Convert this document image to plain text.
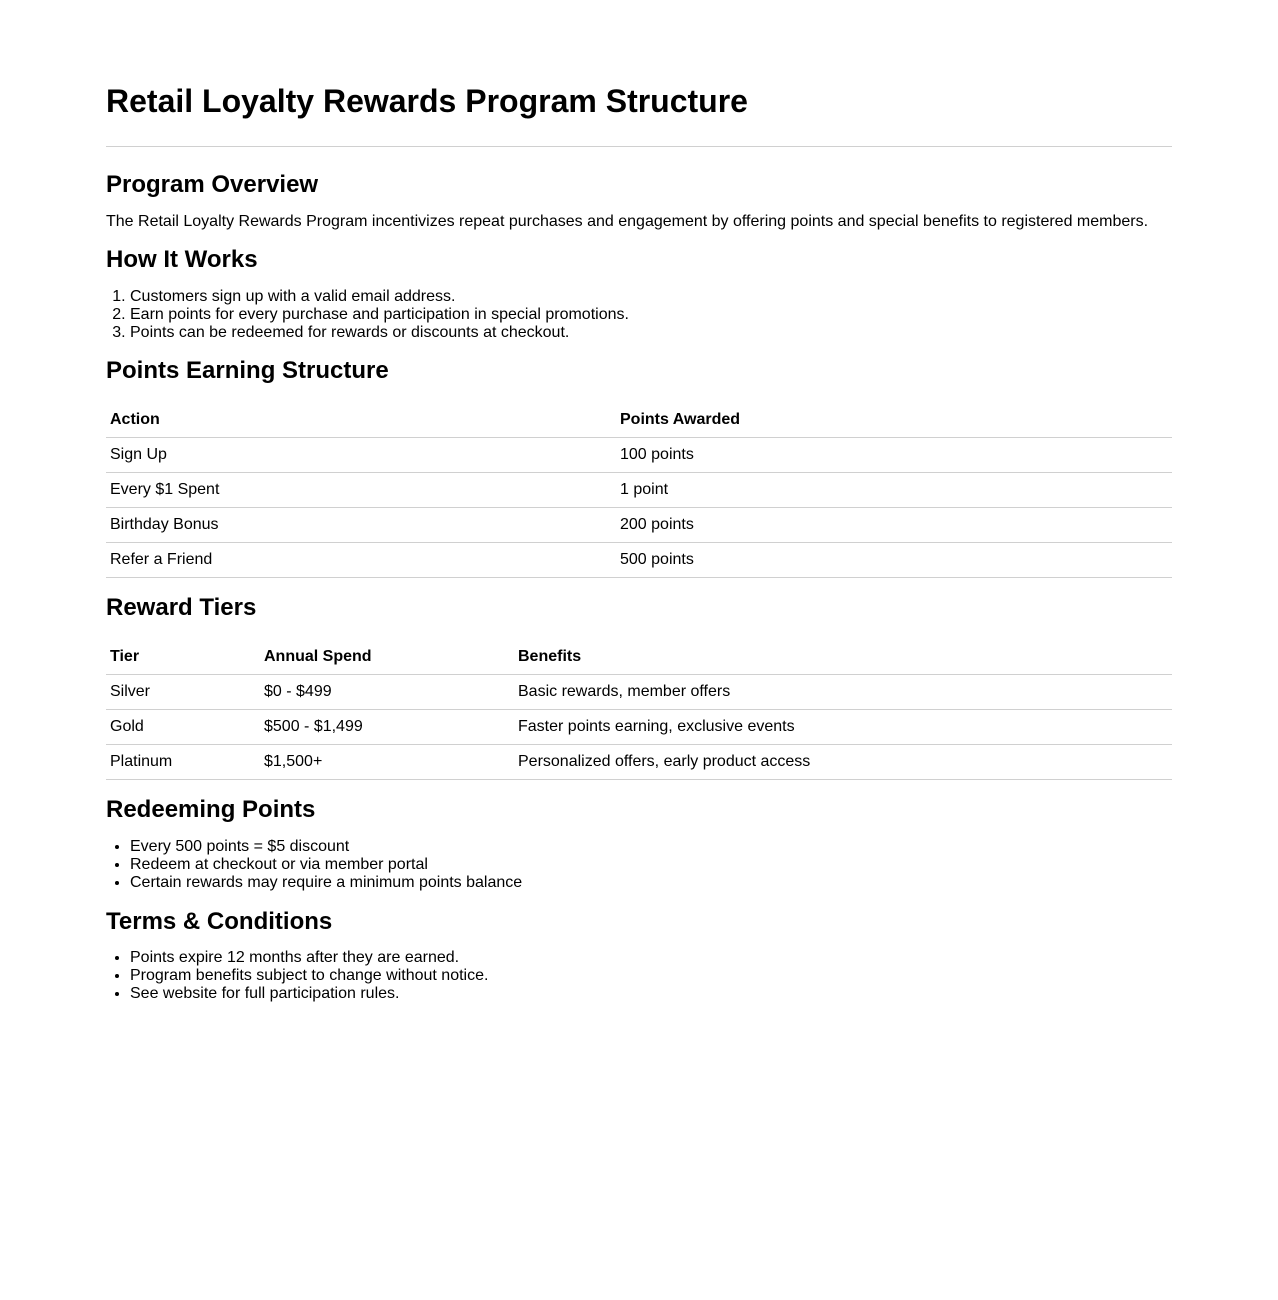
Retail Loyalty Rewards Program Structure
Program Overview

The Retail Loyalty Rewards Program incentivizes repeat purchases and engagement by offering points and special benefits to registered members.

How It Works
1. Customers sign up with a valid email address.
2. Earn points for every purchase and participation in special promotions.
3. Points can be redeemed for rewards or discounts at checkout.
Points Earning Structure
Action	Points Awarded
Sign Up	100 points
Every $1 Spent	1 point
Birthday Bonus	200 points
Refer a Friend	500 points
Reward Tiers
Tier	Annual Spend	Benefits
Silver	$0 - $499	Basic rewards, member offers
Gold	$500 - $1,499	Faster points earning, exclusive events
Platinum	$1,500+	Personalized offers, early product access
Redeeming Points
• Every 500 points = $5 discount
• Redeem at checkout or via member portal
• Certain rewards may require a minimum points balance
Terms & Conditions
• Points expire 12 months after they are earned.
• Program benefits subject to change without notice.
• See website for full participation rules.
